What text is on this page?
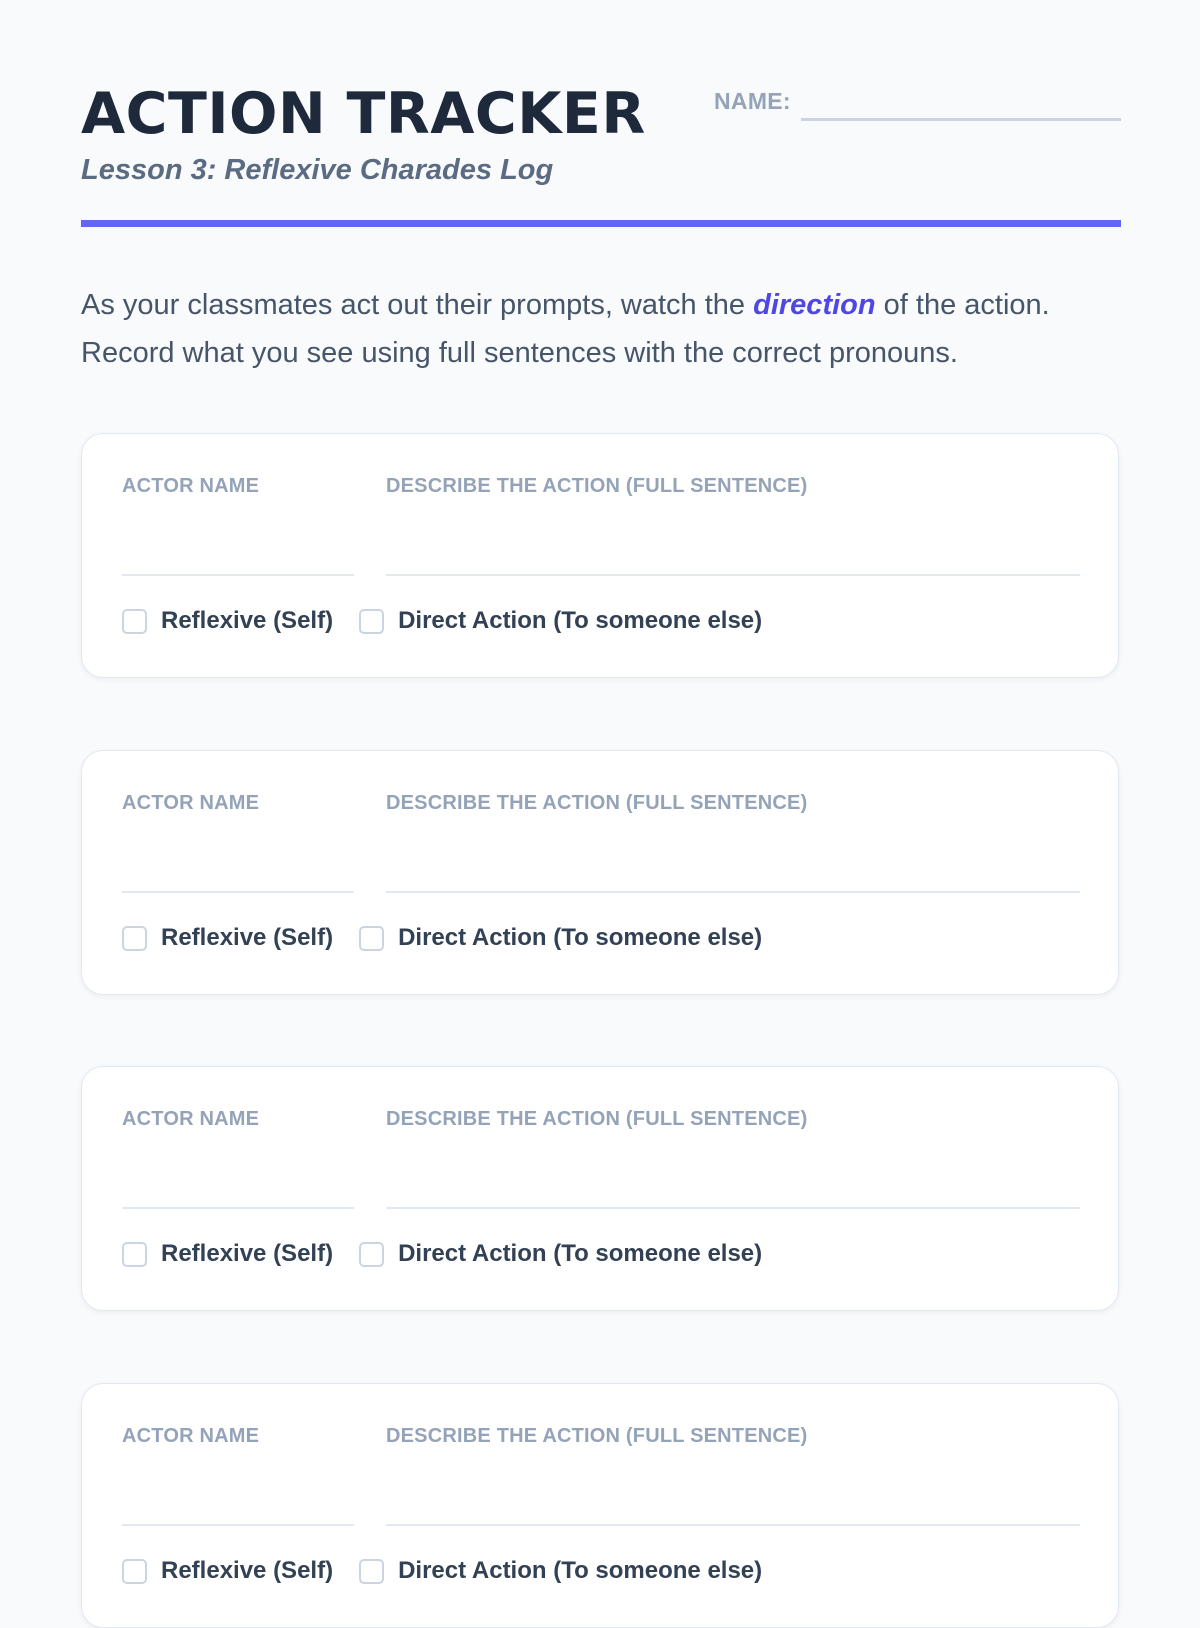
ACTION TRACKER

Lesson 3: Reflexive Charades Log

NAME:

As your classmates act out their prompts, watch the direction of the action. Record what you see using full sentences with the correct pronouns.

ACTOR NAME	DESCRIBE THE ACTION (FULL SENTENCE)
Reflexive (Self)	Direct Action (To someone else)
ACTOR NAME	DESCRIBE THE ACTION (FULL SENTENCE)
Reflexive (Self)	Direct Action (To someone else)
ACTOR NAME	DESCRIBE THE ACTION (FULL SENTENCE)
Reflexive (Self)	Direct Action (To someone else)
ACTOR NAME	DESCRIBE THE ACTION (FULL SENTENCE)
Reflexive (Self)	Direct Action (To someone else)
